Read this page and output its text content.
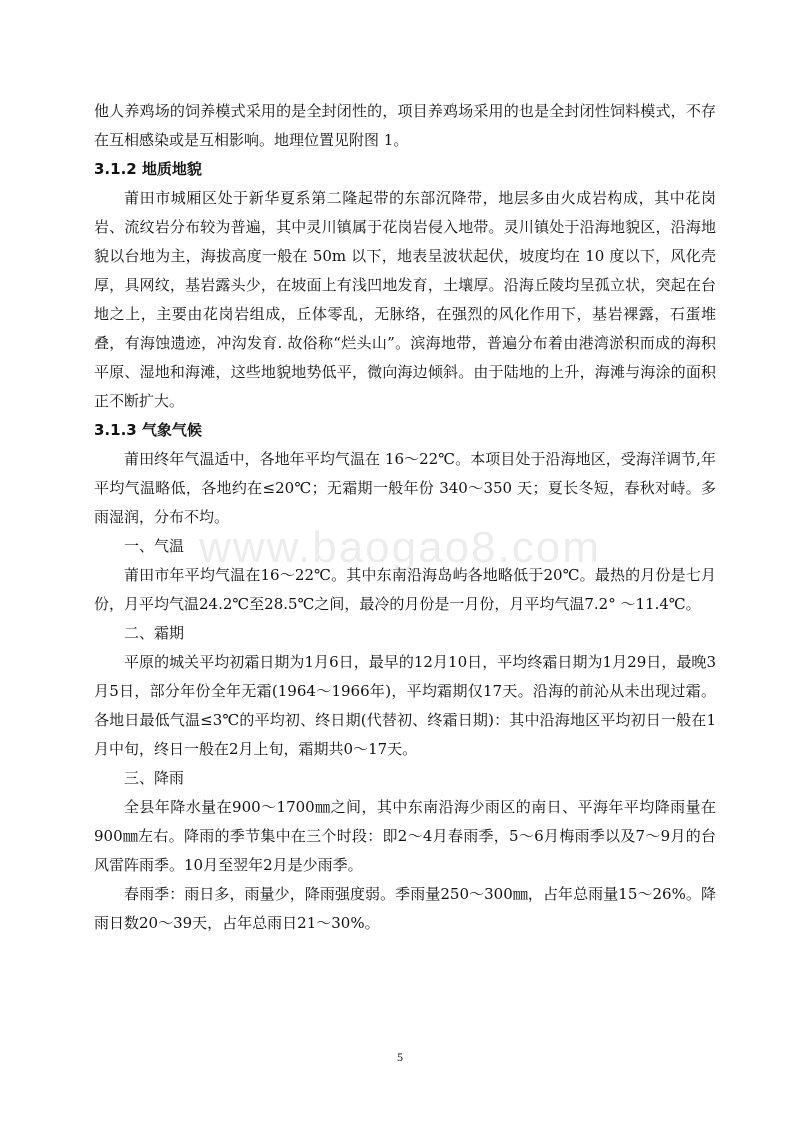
www.baogao8.com

他人养鸡场的饲养模式采用的是全封闭性的，项目养鸡场采用的也是全封闭性饲料模式，不存在互相感染或是互相影响。地理位置见附图 1。

3.1.2 地质地貌

莆田市城厢区处于新华夏系第二隆起带的东部沉降带，地层多由火成岩构成，其中花岗岩、流纹岩分布较为普遍，其中灵川镇属于花岗岩侵入地带。灵川镇处于沿海地貌区，沿海地貌以台地为主，海拔高度一般在 50m 以下，地表呈波状起伏，坡度均在 10 度以下，风化壳厚，具网纹，基岩露头少，在坡面上有浅凹地发育，土壤厚。沿海丘陵均呈孤立状，突起在台地之上，主要由花岗岩组成，丘体零乱，无脉络，在强烈的风化作用下，基岩裸露，石蛋堆叠，有海蚀遗迹，冲沟发育. 故俗称“烂头山”。滨海地带，普遍分布着由港湾淤积而成的海积平原、湿地和海滩，这些地貌地势低平，微向海边倾斜。由于陆地的上升，海滩与海涂的面积正不断扩大。

3.1.3 气象气候

莆田终年气温适中，各地年平均气温在 16～22℃。本项目处于沿海地区，受海洋调节,年平均气温略低，各地约在≤20℃；无霜期一般年份 340～350 天；夏长冬短，春秋对峙。多雨湿润，分布不均。

一、气温

莆田市年平均气温在16～22℃。其中东南沿海岛屿各地略低于20℃。最热的月份是七月份，月平均气温24.2℃至28.5℃之间，最冷的月份是一月份，月平均气温7.2° ～11.4℃。

二、霜期

平原的城关平均初霜日期为1月6日，最早的12月10日，平均终霜日期为1月29日，最晚3月5日，部分年份全年无霜(1964～1966年)，平均霜期仅17天。沿海的前沁从未出现过霜。各地日最低气温≤3℃的平均初、终日期(代替初、终霜日期)：其中沿海地区平均初日一般在1月中旬，终日一般在2月上旬，霜期共0～17天。

三、降雨

全县年降水量在900～1700㎜之间，其中东南沿海少雨区的南日、平海年平均降雨量在900㎜左右。降雨的季节集中在三个时段：即2～4月春雨季，5～6月梅雨季以及7～9月的台风雷阵雨季。10月至翌年2月是少雨季。

春雨季：雨日多，雨量少，降雨强度弱。季雨量250～300㎜，占年总雨量15～26%。降雨日数20～39天，占年总雨日21～30%。

5
